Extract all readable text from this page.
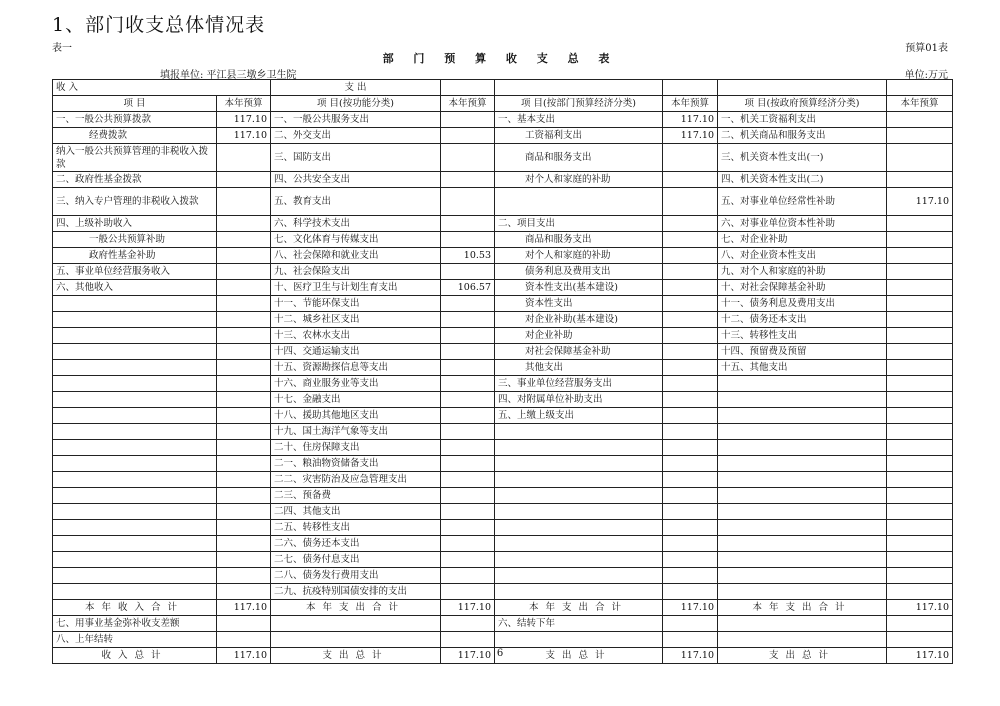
1、部门收支总体情况表
表一	预算01表
部 门 预 算 收 支 总 表
填报单位: 平江县三墩乡卫生院	单位:万元
收 入		支 出					
项 目	本年预算	项 目(按功能分类)	本年预算	项 目(按部门预算经济分类)	本年预算	项 目(按政府预算经济分类)	本年预算
一、一般公共预算拨款	117.10	一、一般公共服务支出		一、基本支出	117.10	一、机关工资福利支出	
经费拨款	117.10	二、外交支出		工资福利支出	117.10	二、机关商品和服务支出	
纳入一般公共预算管理的非税收入拨款		三、国防支出		商品和服务支出		三、机关资本性支出(一)	
二、政府性基金拨款		四、公共安全支出		对个人和家庭的补助		四、机关资本性支出(二)	
三、纳入专户管理的非税收入拨款		五、教育支出				五、对事业单位经常性补助	117.10
四、上级补助收入		六、科学技术支出		二、项目支出		六、对事业单位资本性补助	
一般公共预算补助		七、文化体育与传媒支出		商品和服务支出		七、对企业补助	
政府性基金补助		八、社会保障和就业支出	10.53	对个人和家庭的补助		八、对企业资本性支出	
五、事业单位经营服务收入		九、社会保险支出		债务利息及费用支出		九、对个人和家庭的补助	
六、其他收入		十、医疗卫生与计划生育支出	106.57	资本性支出(基本建设)		十、对社会保障基金补助	
		十一、节能环保支出		资本性支出		十一、债务利息及费用支出	
		十二、城乡社区支出		对企业补助(基本建设)		十二、债务还本支出	
		十三、农林水支出		对企业补助		十三、转移性支出	
		十四、交通运输支出		对社会保障基金补助		十四、预留费及预留	
		十五、资源勘探信息等支出		其他支出		十五、其他支出	
		十六、商业服务业等支出		三、事业单位经营服务支出			
		十七、金融支出		四、对附属单位补助支出			
		十八、援助其他地区支出		五、上缴上级支出			
		十九、国土海洋气象等支出					
		二十、住房保障支出					
		二一、粮油物资储备支出					
		二二、灾害防治及应急管理支出					
		二三、预备费					
		二四、其他支出					
		二五、转移性支出					
		二六、债务还本支出					
		二七、债务付息支出					
		二八、债务发行费用支出					
		二九、抗疫特别国债安排的支出					
本年收入合计	117.10	本年支出合计	117.10	本年支出合计	117.10	本年支出合计	117.10
七、用事业基金弥补收支差额				六、结转下年			
八、上年结转							
收入总计	117.10	支出总计	117.10	支出总计	117.10	支出总计	117.10
6
